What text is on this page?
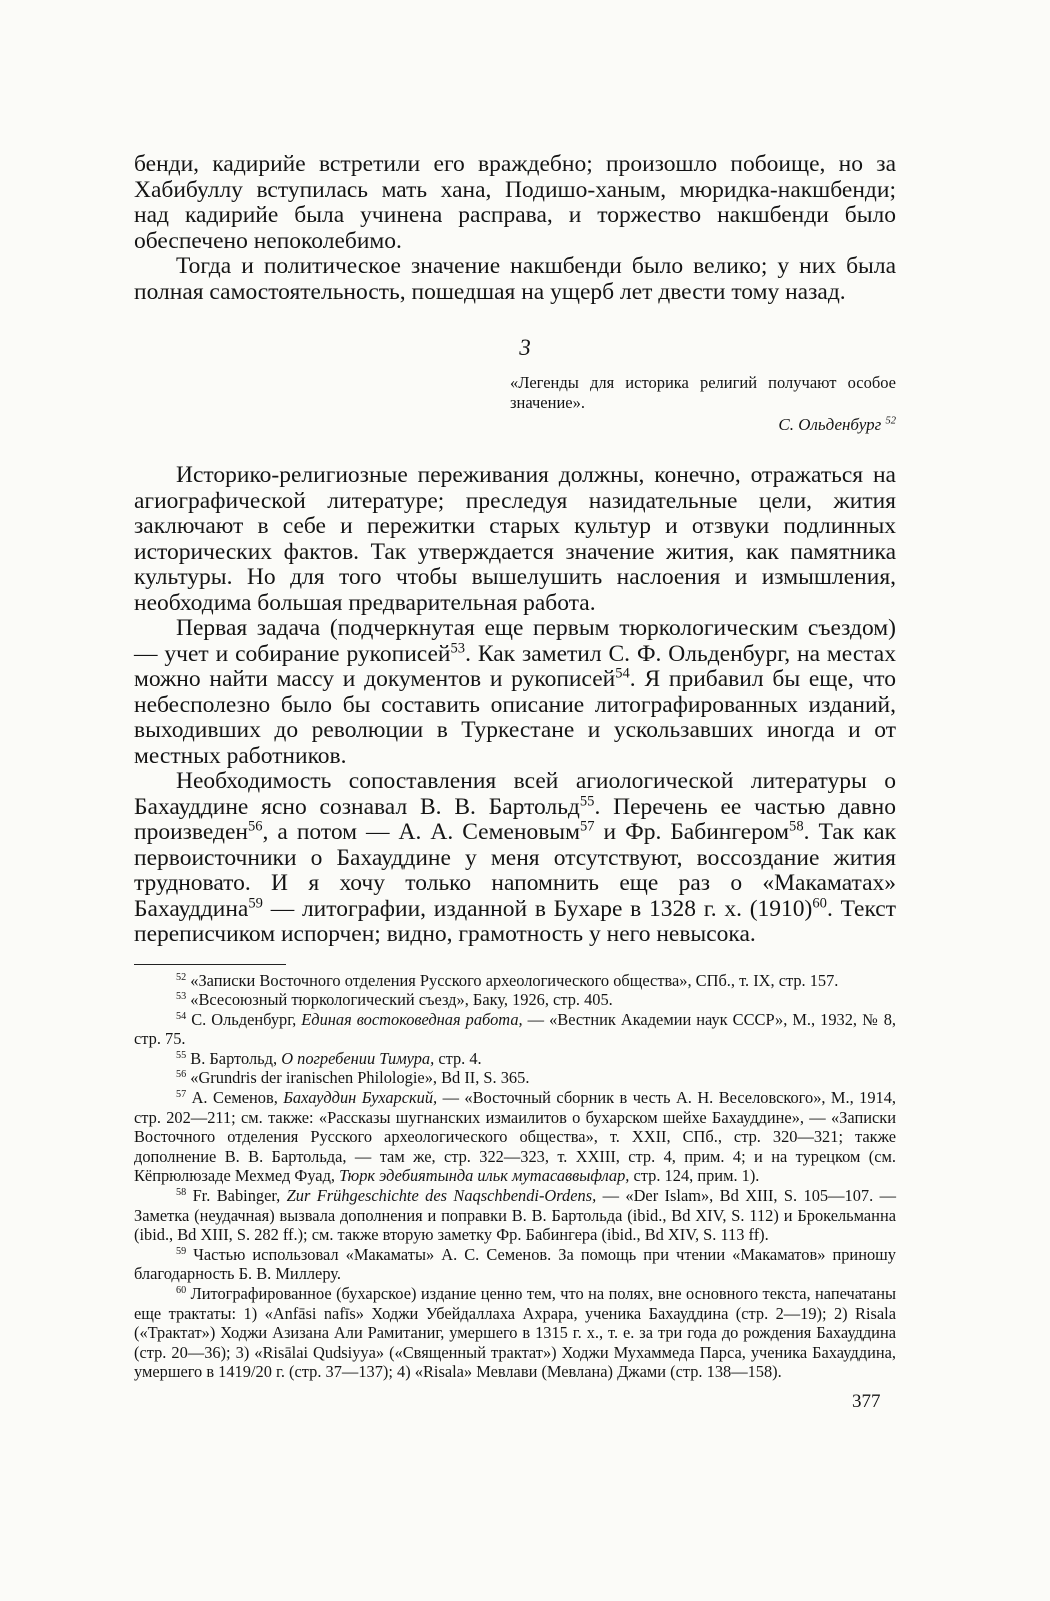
бенди, кадирийе встретили его враждебно; произошло побоище, но за Хабибуллу вступилась мать хана, Подишо-ханым, мюридка-накшбенди; над кадирийе была учинена расправа, и торжество накшбенди было обеспечено непоколебимо.

Тогда и политическое значение накшбенди было велико; у них была полная самостоятельность, пошедшая на ущерб лет двести тому назад.

3
«Легенды для историка религий получают особое значение».
С. Ольденбург $^{52}$

Историко-религиозные переживания должны, конечно, отражаться на агиографической литературе; преследуя назидательные цели, жития заключают в себе и пережитки старых культур и отзвуки подлинных исторических фактов. Так утверждается значение жития, как памятника культуры. Но для того чтобы вышелушить наслоения и измышления, необходима большая предварительная работа.

Первая задача (подчеркнутая еще первым тюркологическим съездом) — учет и собирание рукописей$^{53}$. Как заметил С. Ф. Ольденбург, на местах можно найти массу и документов и рукописей$^{54}$. Я прибавил бы еще, что небесполезно было бы составить описание литографированных изданий, выходивших до революции в Туркестане и ускользавших иногда и от местных работников.

Необходимость сопоставления всей агиологической литературы о Бахауддине ясно сознавал В. В. Бартольд$^{55}$. Перечень ее частью давно произведен$^{56}$, а потом — А. А. Семеновым$^{57}$ и Фр. Бабингером$^{58}$. Так как первоисточники о Бахауддине у меня отсутствуют, воссоздание жития трудновато. И я хочу только напомнить еще раз о «Макаматах» Бахауддина$^{59}$ — литографии, изданной в Бухаре в 1328 г. х. $(1910)^{60}$. Текст переписчиком испорчен; видно, грамотность у него невысока.

$^{52}$ «Записки Восточного отделения Русского археологического общества», СПб., т. IX, стр. 157.

$^{53}$ «Всесоюзный тюркологический съезд», Баку, 1926, стр. 405.

$^{54}$ С. Ольденбург, Единая востоковедная работа, — «Вестник Академии наук СССР», М., 1932, № 8, стр. 75.

$^{55}$ В. Бартольд, О погребении Тимура, стр. 4.

$^{56}$ «Grundris der iranischen Philologie», Bd II, S. 365.

$^{57}$ А. Семенов, Бахауддин Бухарский, — «Восточный сборник в честь А. Н. Веселовского», М., 1914, стр. 202—211; см. также: «Рассказы шугнанских измаилитов о бухарском шейхе Бахауддине», — «Записки Восточного отделения Русского археологического общества», т. XXII, СПб., стр. 320—321; также дополнение В. В. Бартольда, — там же, стр. 322—323, т. XXIII, стр. 4, прим. 4; и на турецком (см. Кёпрюлюзаде Мехмед Фуад, Тюрк эдебиятында ильк мутасаввыфлар, стр. 124, прим. 1).

$^{58}$ Fr. Babinger, Zur Frühgeschichte des Naqschbendi-Ordens, — «Der Islam», Bd XIII, S. 105—107. — Заметка (неудачная) вызвала дополнения и поправки В. В. Бартольда (ibid., Bd XIV, S. 112) и Брокельманна (ibid., Bd XIII, S. 282 ff.); см. также вторую заметку Фр. Бабингера (ibid., Bd XIV, S. 113 ff).

$^{59}$ Частью использовал «Макаматы» А. С. Семенов. За помощь при чтении «Макаматов» приношу благодарность Б. В. Миллеру.

$^{60}$ Литографированное (бухарское) издание ценно тем, что на полях, вне основного текста, напечатаны еще трактаты: 1) «Anfāsi nafīs» Ходжи Убейдаллаха Ахрара, ученика Бахауддина (стр. 2—19); 2) Risala («Трактат») Ходжи Азизана Али Рамитаниг, умершего в 1315 г. х., т. е. за три года до рождения Бахауддина (стр. 20—36); 3) «Risālai Qudsiyya» («Священный трактат») Ходжи Мухаммеда Парса, ученика Бахауддина, умершего в 1419/20 г. (стр. 37—137); 4) «Risala» Мевлави (Мевлана) Джами (стр. 138—158).

377
